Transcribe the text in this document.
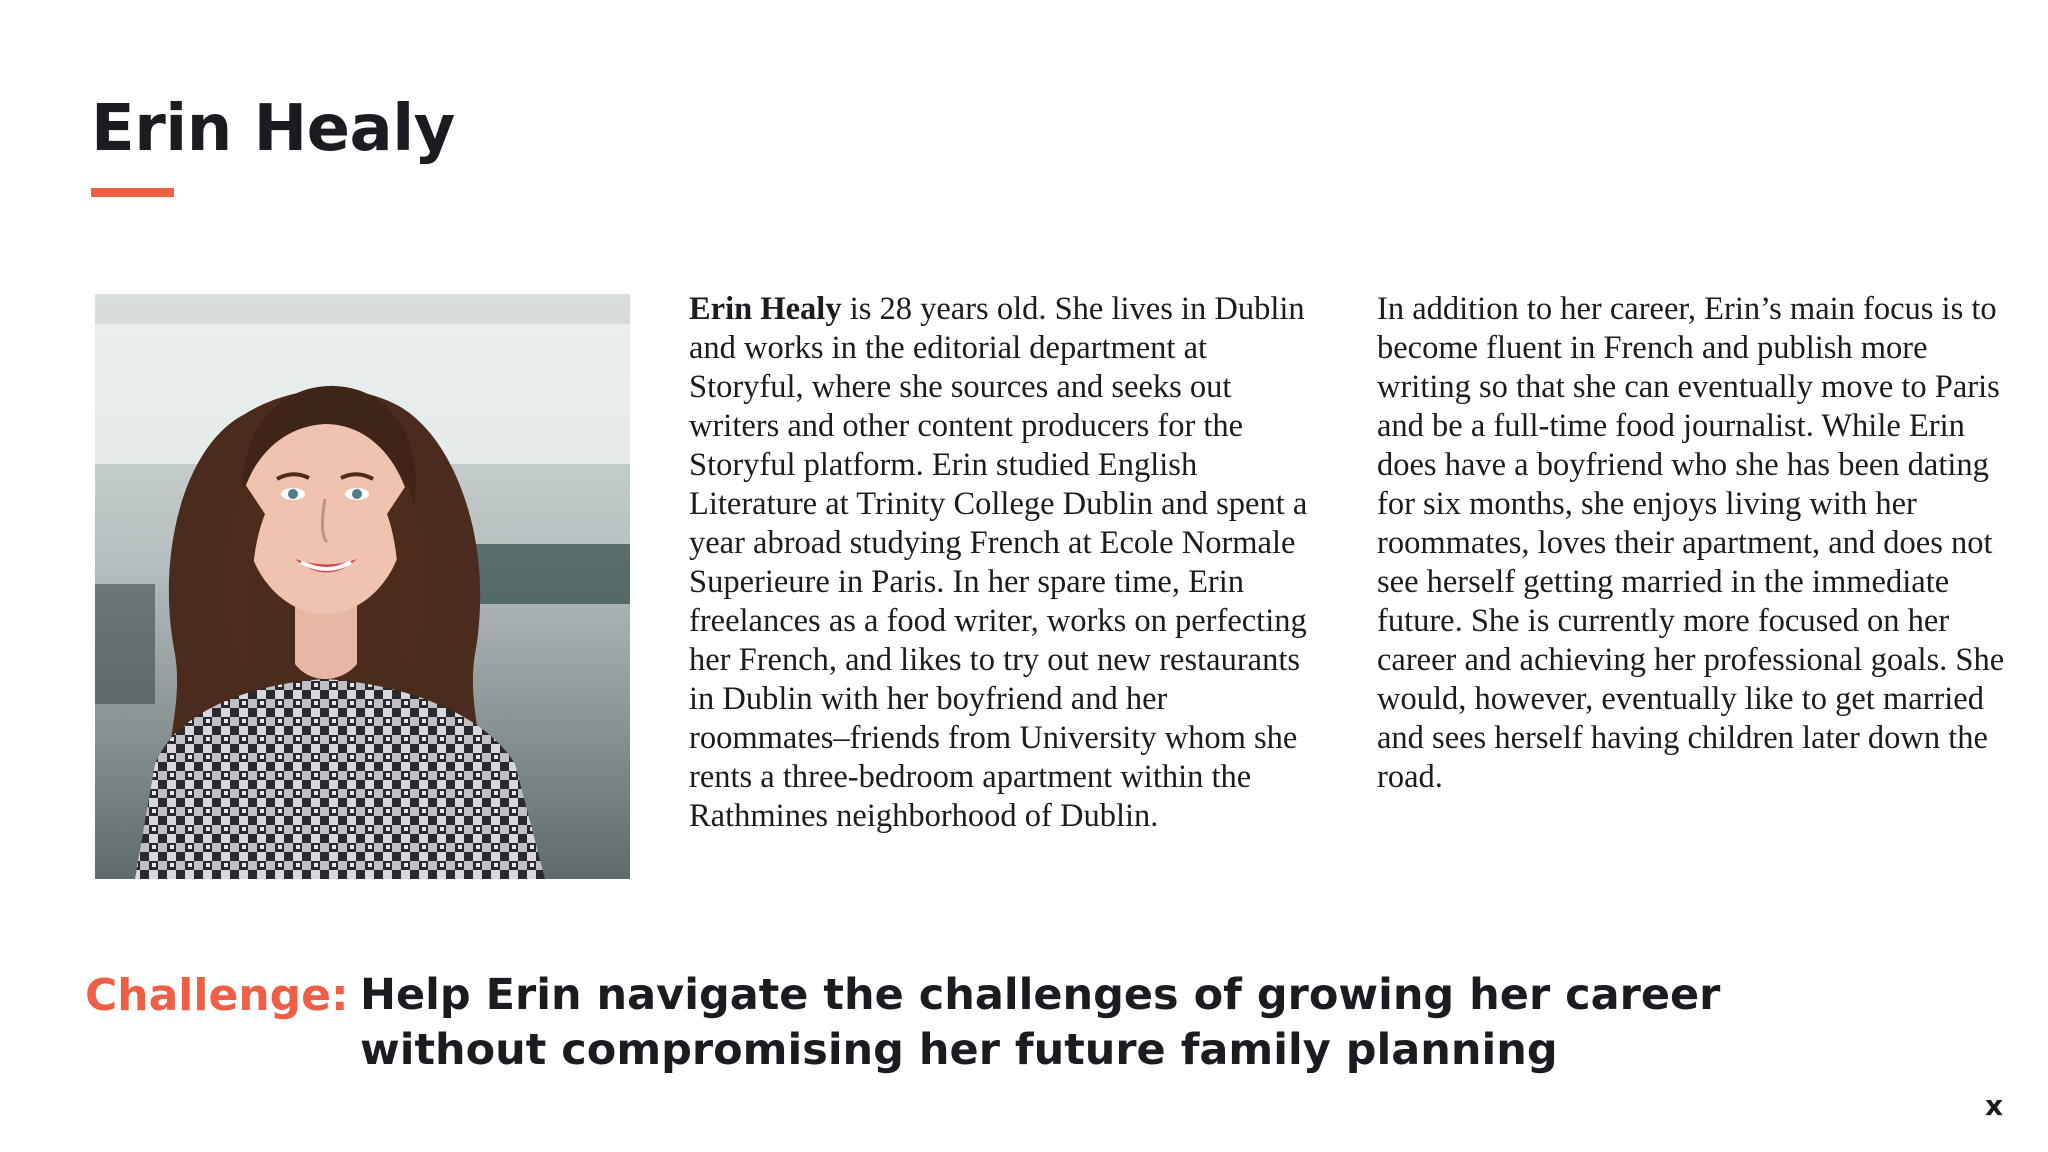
Erin Healy

Erin Healy is 28 years old. She lives in Dublin and works in the editorial department at Storyful, where she sources and seeks out writers and other content producers for the Storyful platform. Erin studied English Literature at Trinity College Dublin and spent a year abroad studying French at Ecole Normale Superieure in Paris. In her spare time, Erin freelances as a food writer, works on perfecting her French, and likes to try out new restaurants in Dublin with her boyfriend and her roommates–friends from University whom she rents a three-bedroom apartment within the Rathmines neighborhood of Dublin.

In addition to her career, Erin’s main focus is to become fluent in French and publish more writing so that she can eventually move to Paris and be a full-time food journalist. While Erin does have a boyfriend who she has been dating for six months, she enjoys living with her roommates, loves their apartment, and does not see herself getting married in the immediate future. She is currently more focused on her career and achieving her professional goals. She would, however, eventually like to get married and sees herself having children later down the road.

Challenge: Help Erin navigate the challenges of growing her career without compromising her future family planning

x
